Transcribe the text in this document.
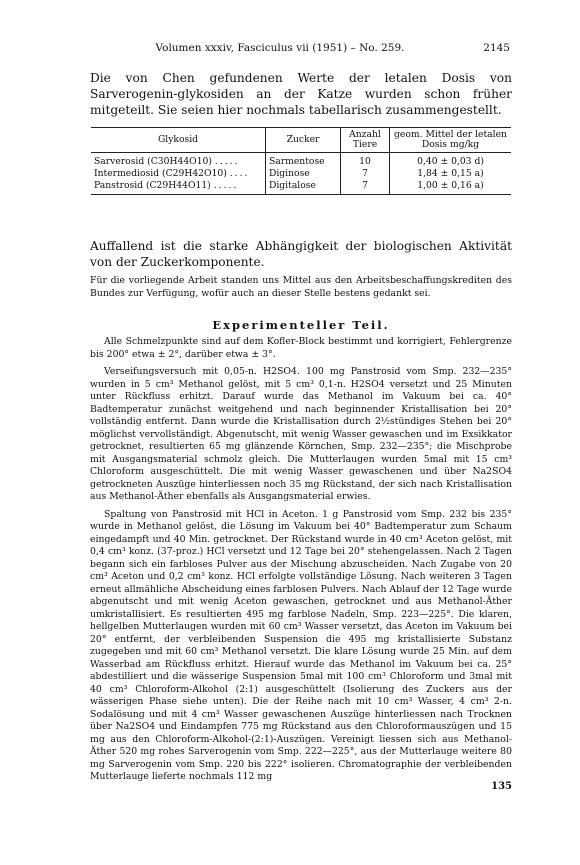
Volumen xxxiv, Fasciculus vii (1951) – No. 259.	2145
Die von Chen gefundenen Werte der letalen Dosis von Sarverogenin-glykosiden an der Katze wurden schon früher mitgeteilt. Sie seien hier nochmals tabellarisch zusammengestellt.
Glykosid	Zucker	Anzahl Tiere	geom. Mittel der letalen Dosis mg/kg
Sarverosid (C30H44O10) .....	Sarmentose	10	0,40 ± 0,03 d)
Intermediosid (C29H42O10) ....	Diginose	7	1,84 ± 0,15 a)
Panstrosid (C29H44O11) .....	Digitalose	7	1,00 ± 0,16 a)
Auffallend ist die starke Abhängigkeit der biologischen Aktivität von der Zuckerkomponente.
Für die vorliegende Arbeit standen uns Mittel aus den Arbeitsbeschaffungskrediten des Bundes zur Verfügung, wofür auch an dieser Stelle bestens gedankt sei.
Experimenteller Teil.

Alle Schmelzpunkte sind auf dem Kofler-Block bestimmt und korrigiert, Fehlergrenze bis 200° etwa ± 2°, darüber etwa ± 3°.

Verseifungsversuch mit 0,05-n. H2SO4. 100 mg Panstrosid vom Smp. 232—235° wurden in 5 cm³ Methanol gelöst, mit 5 cm³ 0,1-n. H2SO4 versetzt und 25 Minuten unter Rückfluss erhitzt. Darauf wurde das Methanol im Vakuum bei ca. 40° Badtemperatur zunächst weitgehend und nach beginnender Kristallisation bei 20° vollständig entfernt. Dann wurde die Kristallisation durch 2½stündiges Stehen bei 20° möglichst vervollständigt. Abgenutscht, mit wenig Wasser gewaschen und im Exsikkator getrocknet, resultierten 65 mg glänzende Körnchen, Smp. 232—235°; die Mischprobe mit Ausgangsmaterial schmolz gleich. Die Mutterlaugen wurden 5mal mit 15 cm³ Chloroform ausgeschüttelt. Die mit wenig Wasser gewaschenen und über Na2SO4 getrockneten Auszüge hinterliessen noch 35 mg Rückstand, der sich nach Kristallisation aus Methanol-Äther ebenfalls als Ausgangsmaterial erwies.

Spaltung von Panstrosid mit HCl in Aceton. 1 g Panstrosid vom Smp. 232 bis 235° wurde in Methanol gelöst, die Lösung im Vakuum bei 40° Badtemperatur zum Schaum eingedampft und 40 Min. getrocknet. Der Rückstand wurde in 40 cm³ Aceton gelöst, mit 0,4 cm³ konz. (37-proz.) HCl versetzt und 12 Tage bei 20° stehengelassen. Nach 2 Tagen begann sich ein farbloses Pulver aus der Mischung abzuscheiden. Nach Zugabe von 20 cm³ Aceton und 0,2 cm³ konz. HCl erfolgte vollständige Lösung. Nach weiteren 3 Tagen erneut allmähliche Abscheidung eines farblosen Pulvers. Nach Ablauf der 12 Tage wurde abgenutscht und mit wenig Aceton gewaschen, getrocknet und aus Methanol-Äther umkristallisiert. Es resultierten 495 mg farblose Nadeln, Smp. 223—225°. Die klaren, hellgelben Mutterlaugen wurden mit 60 cm³ Wasser versetzt, das Aceton im Vakuum bei 20° entfernt, der verbleibenden Suspension die 495 mg kristallisierte Substanz zugegeben und mit 60 cm³ Methanol versetzt. Die klare Lösung wurde 25 Min. auf dem Wasserbad am Rückfluss erhitzt. Hierauf wurde das Methanol im Vakuum bei ca. 25° abdestilliert und die wässerige Suspension 5mal mit 100 cm³ Chloroform und 3mal mit 40 cm³ Chloroform-Alkohol (2:1) ausgeschüttelt (Isolierung des Zuckers aus der wässerigen Phase siehe unten). Die der Reihe nach mit 10 cm³ Wasser, 4 cm³ 2-n. Sodalösung und mit 4 cm³ Wasser gewaschenen Auszüge hinterliessen nach Trocknen über Na2SO4 und Eindampfen 775 mg Rückstand aus den Chloroformauszügen und 15 mg aus den Chloroform-Alkohol-(2:1)-Auszügen. Vereinigt liessen sich aus Methanol-Äther 520 mg rohes Sarverogenin vom Smp. 222—225°, aus der Mutterlauge weitere 80 mg Sarverogenin vom Smp. 220 bis 222° isolieren. Chromatographie der verbleibenden Mutterlauge lieferte nochmals 112 mg

135
